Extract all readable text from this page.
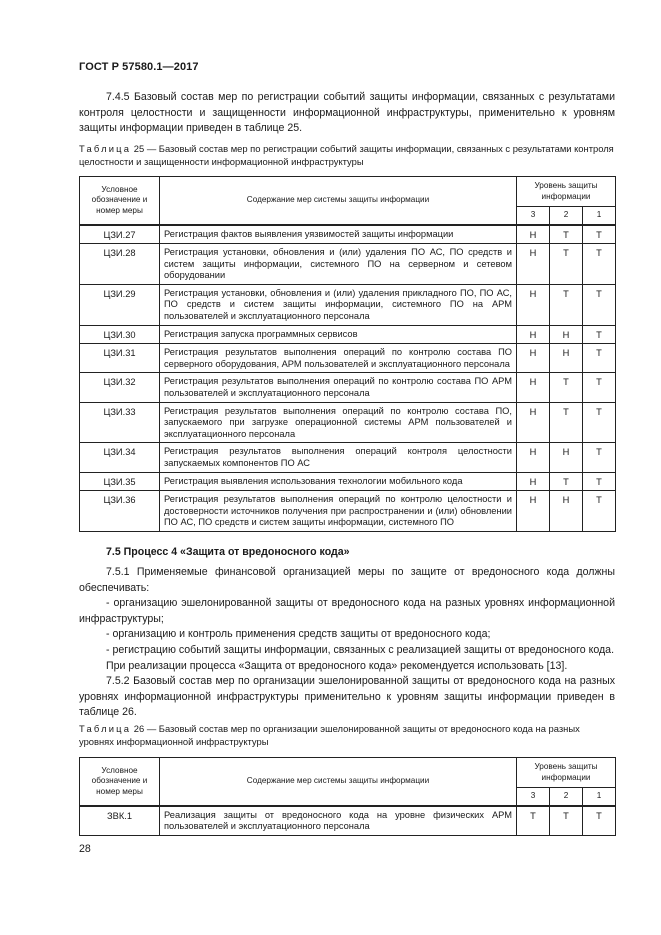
ГОСТ Р 57580.1—2017

7.4.5 Базовый состав мер по регистрации событий защиты информации, связанных с результатами контроля целостности и защищенности информационной инфраструктуры, применительно к уровням защиты информации приведен в таблице 25.

Таблица 25 — Базовый состав мер по регистрации событий защиты информации, связанных с результатами контроля целостности и защищенности информационной инфраструктуры

Условное обозначение и номер меры	Содержание мер системы защиты информации	Уровень защиты информации		
		3	2	1
ЦЗИ.27	Регистрация фактов выявления уязвимостей защиты информации	Н	Т	Т
ЦЗИ.28	Регистрация установки, обновления и (или) удаления ПО АС, ПО средств и систем защиты информации, системного ПО на серверном и сетевом оборудовании	Н	Т	Т
ЦЗИ.29	Регистрация установки, обновления и (или) удаления прикладного ПО, ПО АС, ПО средств и систем защиты информации, системного ПО на АРМ пользователей и эксплуатационного персонала	Н	Т	Т
ЦЗИ.30	Регистрация запуска программных сервисов	Н	Н	Т
ЦЗИ.31	Регистрация результатов выполнения операций по контролю состава ПО серверного оборудования, АРМ пользователей и эксплуатационного персонала	Н	Н	Т
ЦЗИ.32	Регистрация результатов выполнения операций по контролю состава ПО АРМ пользователей и эксплуатационного персонала	Н	Т	Т
ЦЗИ.33	Регистрация результатов выполнения операций по контролю состава ПО, запускаемого при загрузке операционной системы АРМ пользователей и эксплуатационного персонала	Н	Т	Т
ЦЗИ.34	Регистрация результатов выполнения операций контроля целостности запускаемых компонентов ПО АС	Н	Н	Т
ЦЗИ.35	Регистрация выявления использования технологии мобильного кода	Н	Т	Т
ЦЗИ.36	Регистрация результатов выполнения операций по контролю целостности и достоверности источников получения при распространении и (или) обновлении ПО АС, ПО средств и систем защиты информации, системного ПО	Н	Н	Т
7.5 Процесс 4 «Защита от вредоносного кода»

7.5.1 Применяемые финансовой организацией меры по защите от вредоносного кода должны обеспечивать:

- организацию эшелонированной защиты от вредоносного кода на разных уровнях информационной инфраструктуры;

- организацию и контроль применения средств защиты от вредоносного кода;

- регистрацию событий защиты информации, связанных с реализацией защиты от вредоносного кода.

При реализации процесса «Защита от вредоносного кода» рекомендуется использовать [13].

7.5.2 Базовый состав мер по организации эшелонированной защиты от вредоносного кода на разных уровнях информационной инфраструктуры применительно к уровням защиты информации приведен в таблице 26.

Таблица 26 — Базовый состав мер по организации эшелонированной защиты от вредоносного кода на разных уровнях информационной инфраструктуры

Условное обозначение и номер меры	Содержание мер системы защиты информации	Уровень защиты информации		
		3	2	1
ЗВК.1	Реализация защиты от вредоносного кода на уровне физических АРМ пользователей и эксплуатационного персонала	Т	Т	Т
28
